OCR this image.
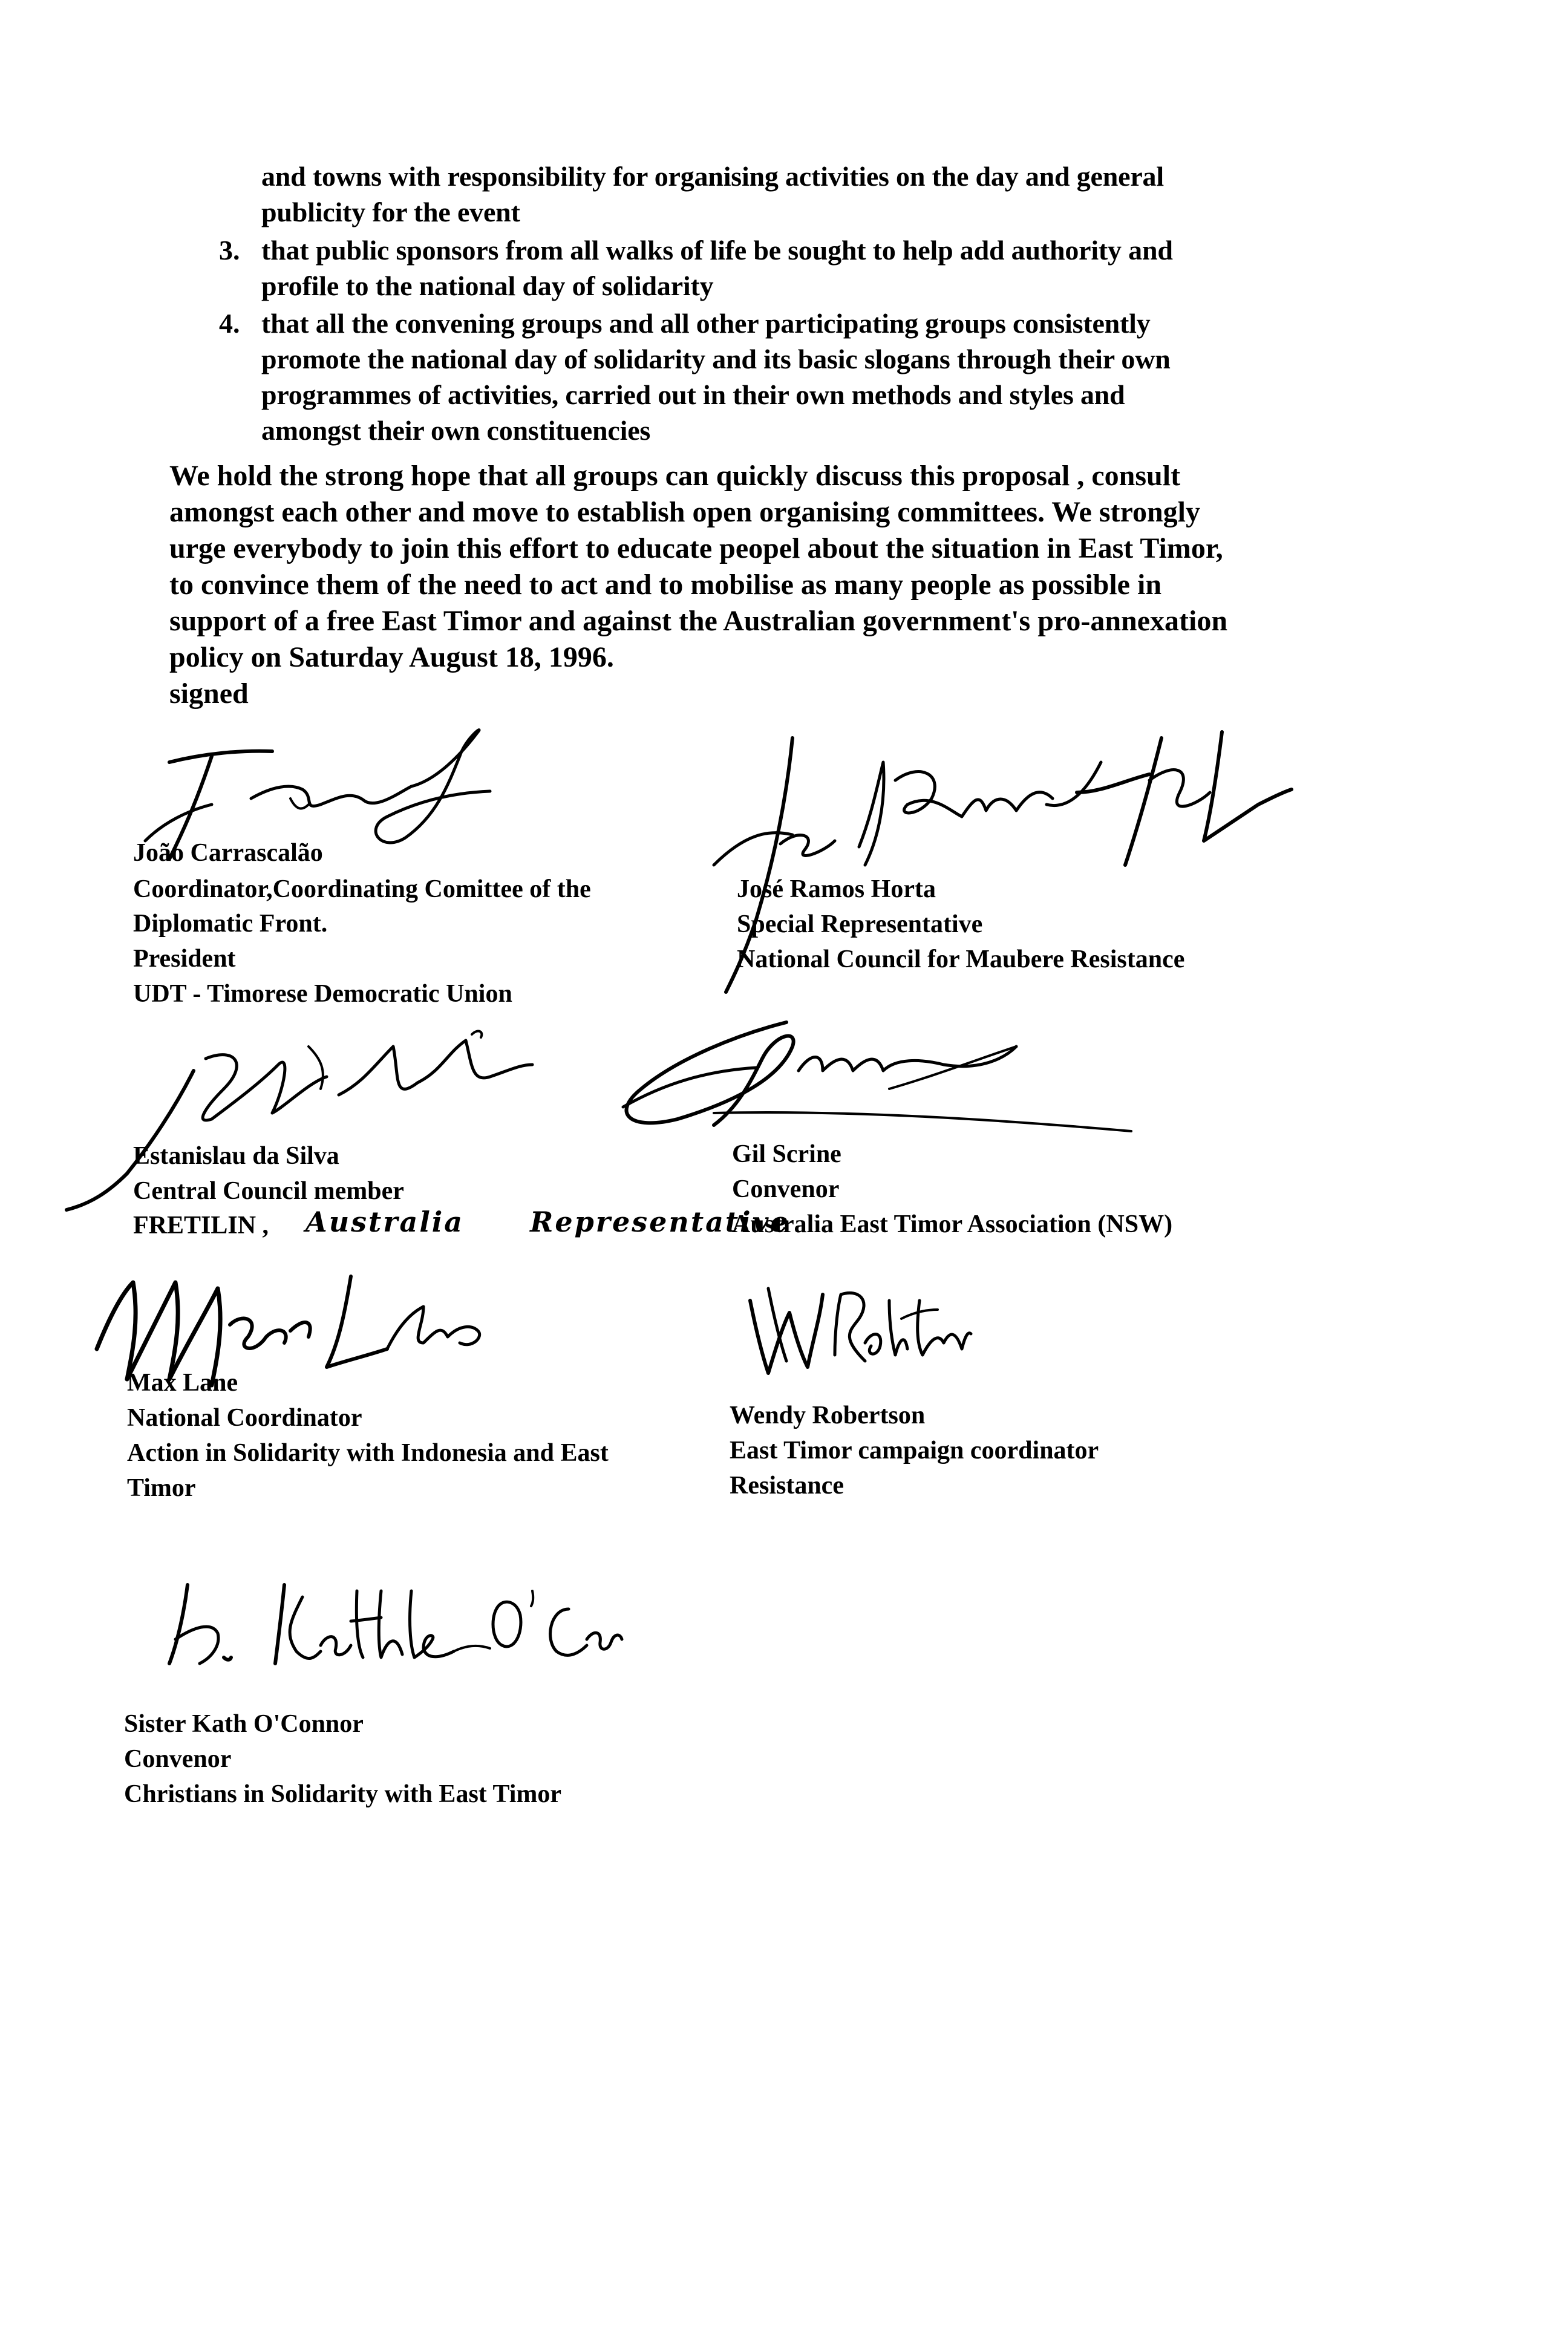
and towns with responsibility for organising activities on the day and general
publicity for the event
3. that public sponsors from all walks of life be sought to help add authority and
profile to the national day of solidarity
4. that all the convening groups and all other participating groups consistently
promote the national day of solidarity and its basic slogans through their own
programmes of activities, carried out in their own methods and styles and
amongst their own constituencies
We hold the strong hope that all groups can quickly discuss this proposal , consult
amongst each other and move to establish open organising committees. We strongly
urge everybody to join this effort to educate peopel about the situation in East Timor,
to convince them of the need to act and to mobilise as many people as possible in
support of a free East Timor and against the Australian government's pro-annexation
policy on Saturday August 18, 1996.
signed
João Carrascalão
Coordinator,Coordinating Comittee of the
Diplomatic Front.
President
UDT - Timorese Democratic Union
José Ramos Horta
Special Representative
National Council for Maubere Resistance
Estanislau da Silva
Central Council member
FRETILIN , Australia Representative
Gil Scrine
Convenor
Australia East Timor Association (NSW)
Max Lane
National Coordinator
Action in Solidarity with Indonesia and East
Timor
Wendy Robertson
East Timor campaign coordinator
Resistance
Sister Kath O'Connor
Convenor
Christians in Solidarity with East Timor
